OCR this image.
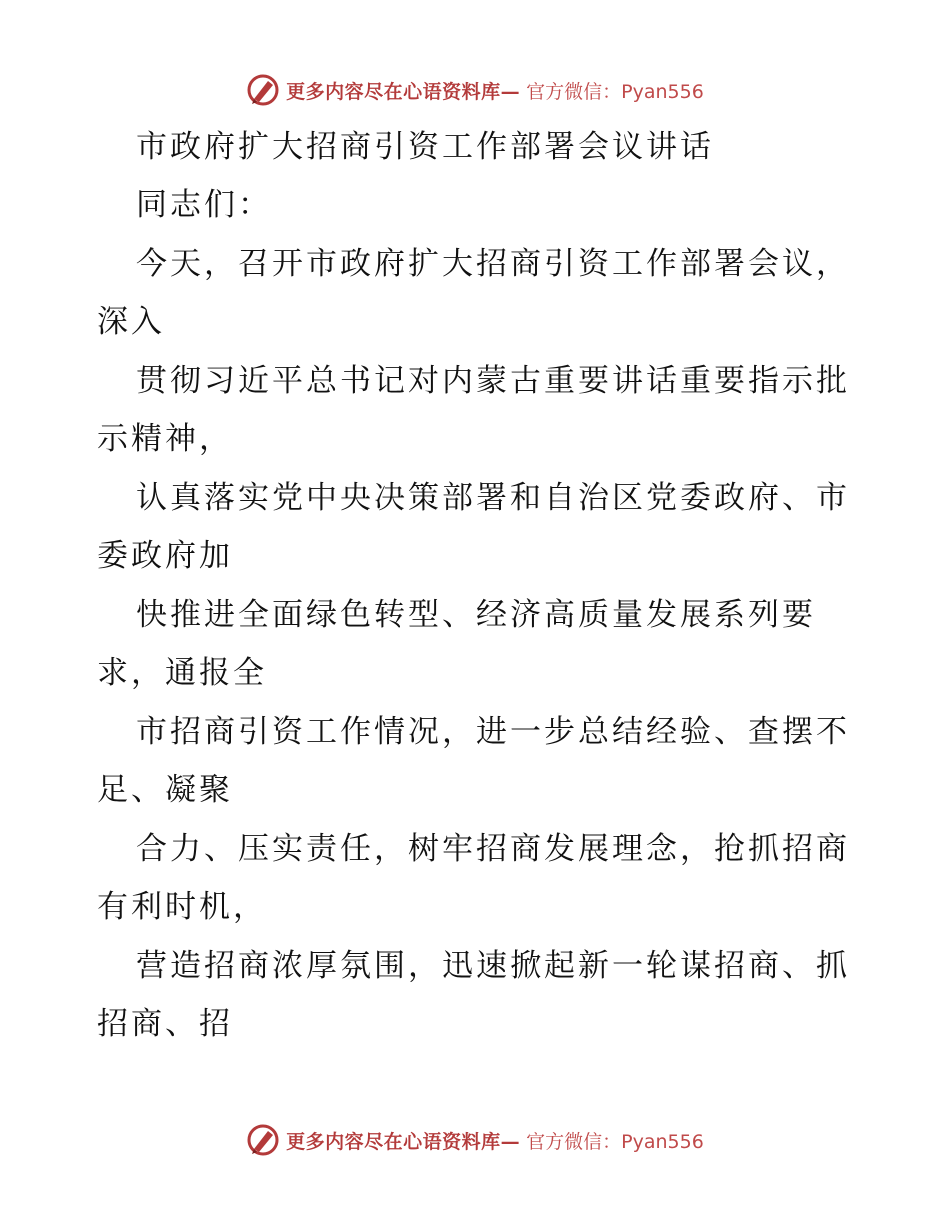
更多内容尽在心语资料库— 官方微信：Pyan556
市政府扩大招商引资工作部署会议讲话
同志们：
今天，召开市政府扩大招商引资工作部署会议，
深入
贯彻习近平总书记对内蒙古重要讲话重要指示批
示精神，
认真落实党中央决策部署和自治区党委政府、市
委政府加
快推进全面绿色转型、经济高质量发展系列要
求，通报全
市招商引资工作情况，进一步总结经验、查摆不
足、凝聚
合力、压实责任，树牢招商发展理念，抢抓招商
有利时机，
营造招商浓厚氛围，迅速掀起新一轮谋招商、抓
招商、招
更多内容尽在心语资料库— 官方微信：Pyan556
